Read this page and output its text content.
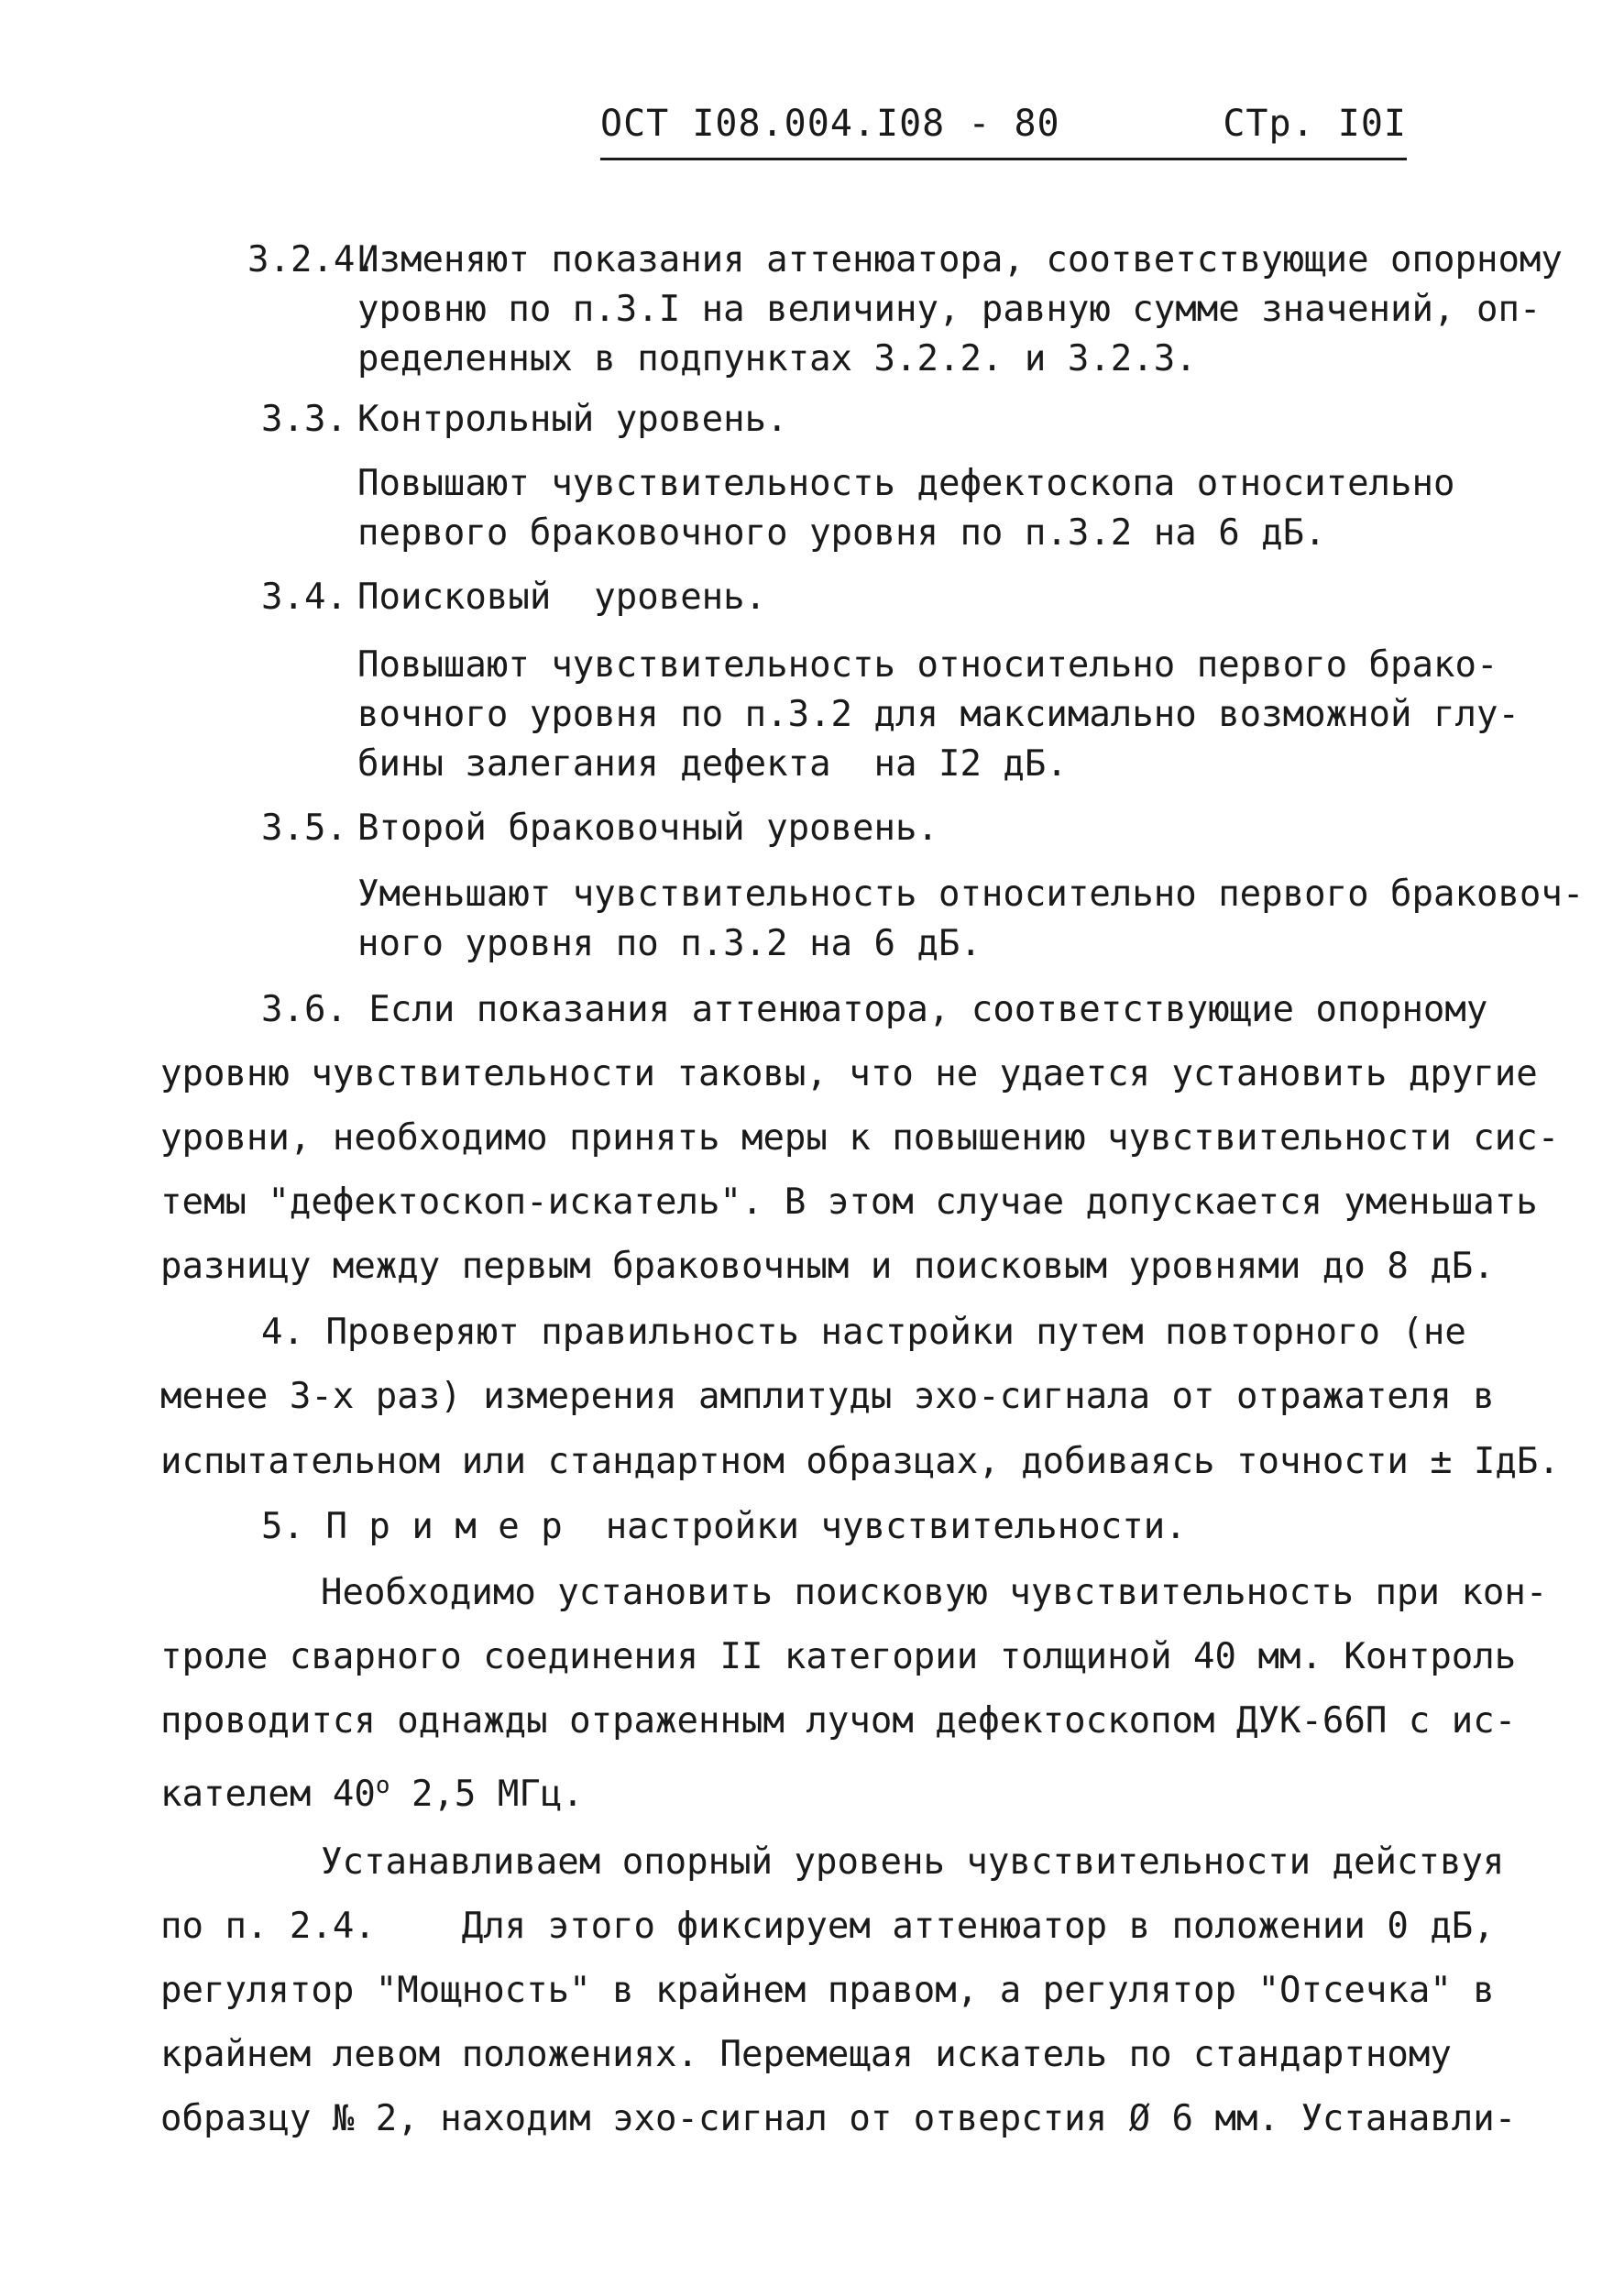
ОСТ I08.004.I08 - 80	СТр. I0I
3.2.4.
Изменяют показания аттенюатора, соответствующие опорному
уровню по п.3.I на величину, равную сумме значений, оп-
ределенных в подпунктах 3.2.2. и 3.2.3.
3.3. Контрольный уровень.
Повышают чувствительность дефектоскопа относительно
первого браковочного уровня по п.3.2 на 6 дБ.
3.4. Поисковый  уровень.
Повышают чувствительность относительно первого брако-
вочного уровня по п.3.2 для максимально возможной глу-
бины залегания дефекта  на I2 дБ.
3.5. Второй браковочный уровень.
Уменьшают чувствительность относительно первого браковоч-
ного уровня по п.3.2 на 6 дБ.
3.6. Если показания аттенюатора, соответствующие опорному
уровню чувствительности таковы, что не удается установить другие
уровни, необходимо принять меры к повышению чувствительности сис-
темы "дефектоскоп-искатель". В этом случае допускается уменьшать
разницу между первым браковочным и поисковым уровнями до 8 дБ.
4. Проверяют правильность настройки путем повторного (не
менее 3-х раз) измерения амплитуды эхо-сигнала от отражателя в
испытательном или стандартном образцах, добиваясь точности ± IдБ.
5. П р и м е р настройки чувствительности.
Необходимо установить поисковую чувствительность при кон-
троле сварного соединения II категории толщиной 40 мм. Контроль
проводится однажды отраженным лучом дефектоскопом ДУК-66П с ис-
кателем $40^о$ 2,5 МГц.
Устанавливаем опорный уровень чувствительности действуя
по п. 2.4.    Для этого фиксируем аттенюатор в положении 0 дБ,
регулятор "Мощность" в крайнем правом, а регулятор "Отсечка" в
крайнем левом положениях. Перемещая искатель по стандартному
образцу № 2, находим эхо-сигнал от отверстия Ø 6 мм. Устанавли-
